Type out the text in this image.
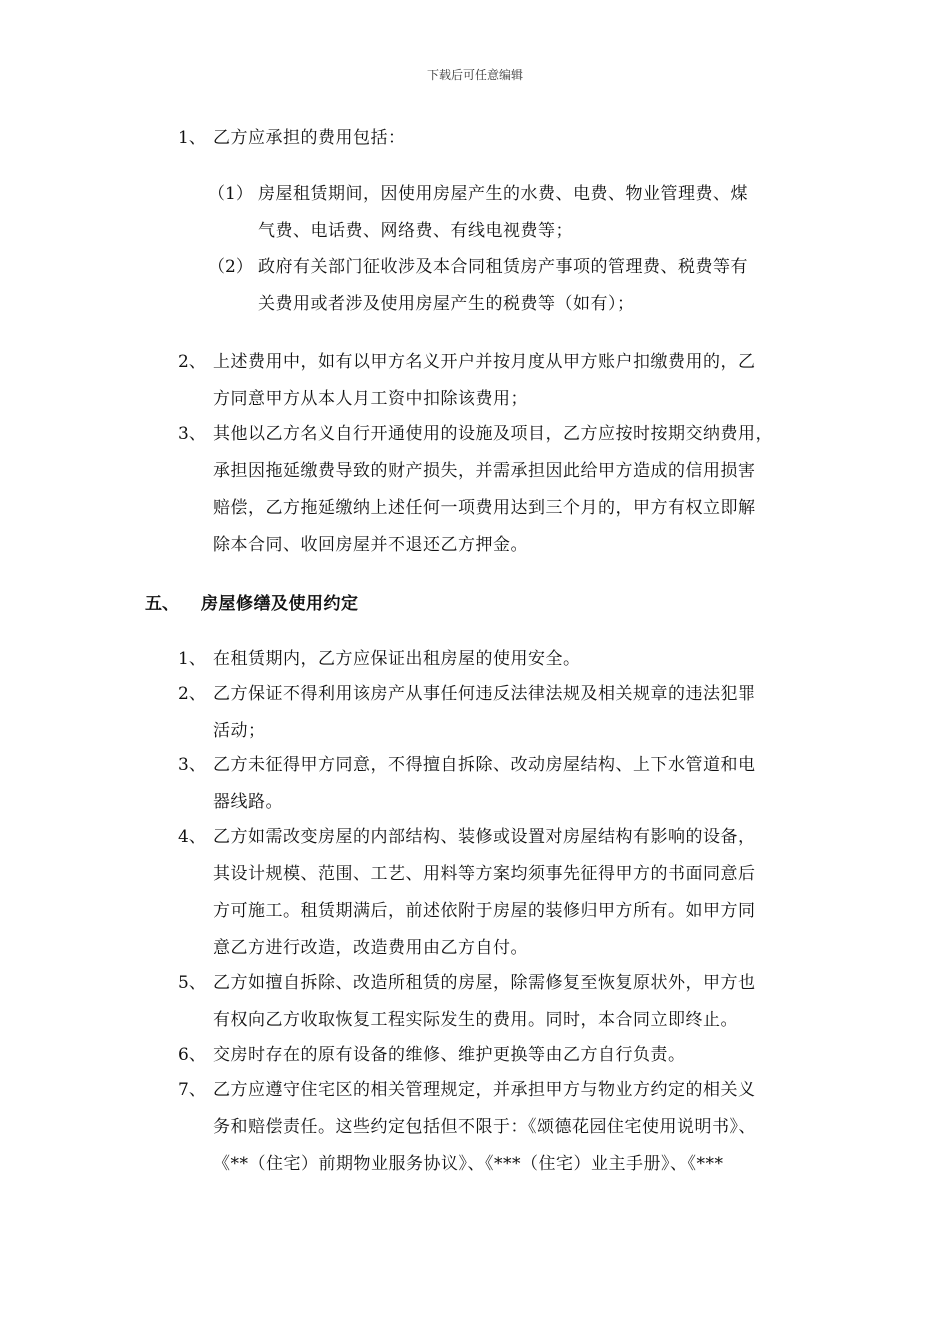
下载后可任意编辑
1、 乙方应承担的费用包括：
（1） 房屋租赁期间，因使用房屋产生的水费、电费、物业管理费、煤
气费、电话费、网络费、有线电视费等；
（2） 政府有关部门征收涉及本合同租赁房产事项的管理费、税费等有
关费用或者涉及使用房屋产生的税费等（如有）；
2、 上述费用中，如有以甲方名义开户并按月度从甲方账户扣缴费用的，乙
方同意甲方从本人月工资中扣除该费用；
3、 其他以乙方名义自行开通使用的设施及项目，乙方应按时按期交纳费用，
承担因拖延缴费导致的财产损失，并需承担因此给甲方造成的信用损害
赔偿，乙方拖延缴纳上述任何一项费用达到三个月的，甲方有权立即解
除本合同、收回房屋并不退还乙方押金。
五、 房屋修缮及使用约定
1、 在租赁期内，乙方应保证出租房屋的使用安全。
2、 乙方保证不得利用该房产从事任何违反法律法规及相关规章的违法犯罪
活动；
3、 乙方未征得甲方同意，不得擅自拆除、改动房屋结构、上下水管道和电
器线路。
4、 乙方如需改变房屋的内部结构、装修或设置对房屋结构有影响的设备，
其设计规模、范围、工艺、用料等方案均须事先征得甲方的书面同意后
方可施工。租赁期满后，前述依附于房屋的装修归甲方所有。如甲方同
意乙方进行改造，改造费用由乙方自付。
5、 乙方如擅自拆除、改造所租赁的房屋，除需修复至恢复原状外，甲方也
有权向乙方收取恢复工程实际发生的费用。同时，本合同立即终止。
6、 交房时存在的原有设备的维修、维护更换等由乙方自行负责。
7、 乙方应遵守住宅区的相关管理规定，并承担甲方与物业方约定的相关义
务和赔偿责任。这些约定包括但不限于：《颂德花园住宅使用说明书》、
《**（住宅）前期物业服务协议》、《***（住宅）业主手册》、《***
